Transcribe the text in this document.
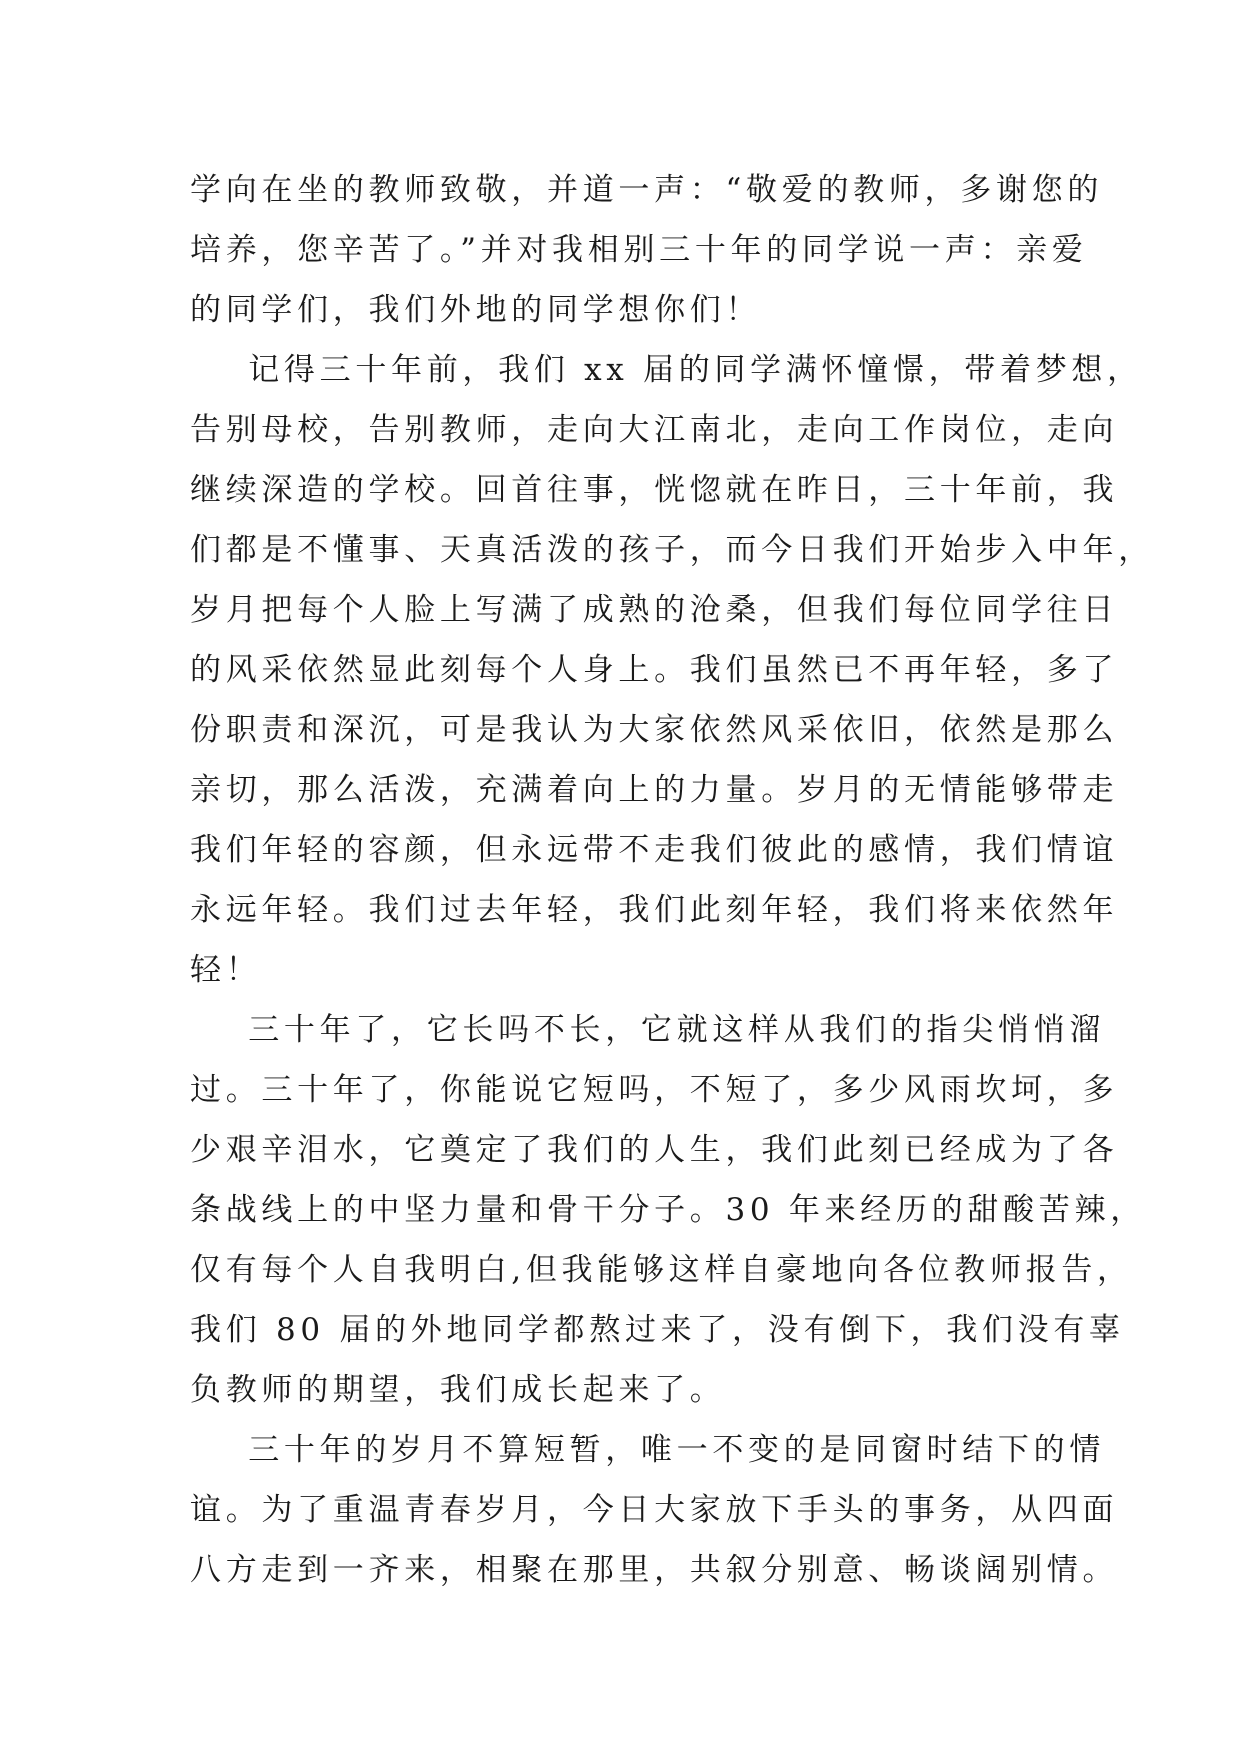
学向在坐的教师致敬，并道一声：“敬爱的教师，多谢您的
培养，您辛苦了。”并对我相别三十年的同学说一声：亲爱
的同学们，我们外地的同学想你们！
记得三十年前，我们 xx 届的同学满怀憧憬，带着梦想，
告别母校，告别教师，走向大江南北，走向工作岗位，走向
继续深造的学校。回首往事，恍惚就在昨日，三十年前，我
们都是不懂事、天真活泼的孩子，而今日我们开始步入中年，
岁月把每个人脸上写满了成熟的沧桑，但我们每位同学往日
的风采依然显此刻每个人身上。我们虽然已不再年轻，多了
份职责和深沉，可是我认为大家依然风采依旧，依然是那么
亲切，那么活泼，充满着向上的力量。岁月的无情能够带走
我们年轻的容颜，但永远带不走我们彼此的感情，我们情谊
永远年轻。我们过去年轻，我们此刻年轻，我们将来依然年
轻！
三十年了，它长吗不长，它就这样从我们的指尖悄悄溜
过。三十年了，你能说它短吗，不短了，多少风雨坎坷，多
少艰辛泪水，它奠定了我们的人生，我们此刻已经成为了各
条战线上的中坚力量和骨干分子。30 年来经历的甜酸苦辣，
仅有每个人自我明白,但我能够这样自豪地向各位教师报告，
我们 80 届的外地同学都熬过来了，没有倒下，我们没有辜
负教师的期望，我们成长起来了。
三十年的岁月不算短暂，唯一不变的是同窗时结下的情
谊。为了重温青春岁月，今日大家放下手头的事务，从四面
八方走到一齐来，相聚在那里，共叙分别意、畅谈阔别情。
